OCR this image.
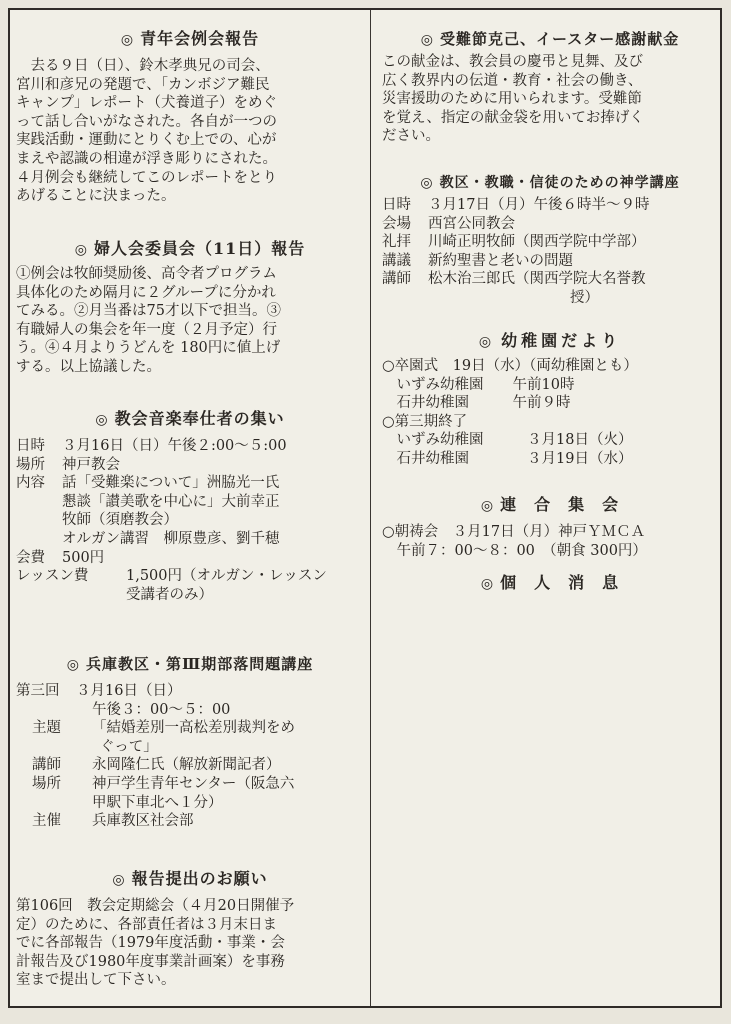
◎ 青年会例会報告

　去る９日（日）、鈴木孝典兄の司会、

宮川和彦兄の発題で、「カンボジア難民

キャンプ」レポート（犬養道子）をめぐ

って話し合いがなされた。各自が一つの

実践活動・運動にとりくむ上での、心が

まえや認識の相違が浮き彫りにされた。

４月例会も継続してこのレポートをとり

あげることに決まった。

◎ 婦人会委員会（11日）報告

①例会は牧師奨励後、高令者プログラム

具体化のため隔月に２グループに分かれ

てみる。②月当番は75才以下で担当。③

有職婦人の集会を年一度（２月予定）行

う。④４月よりうどんを 180円に値上げ

する。以上協議した。

◎ 教会音楽奉仕者の集い
日時	３月16日（日）午後２:00〜５:00
場所	神戸教会
内容	話「受難楽について」洲脇光一氏

懇談「讃美歌を中心に」大前幸正

牧師（須磨教会）

オルガン講習　柳原豊彦、劉千穂

会費	500円
レッスン費	1,500円（オルガン・レッスン

受講者のみ）

◎ 兵庫教区・第Ⅲ期部落問題講座
第三回	３月16日（日）

午後３：00〜５：00

主題	「結婚差別一高松差別裁判をめ

ぐって」

講師	永岡隆仁氏（解放新聞記者）
場所	神戸学生青年センター（阪急六

甲駅下車北へ１分）

主催	兵庫教区社会部
◎ 報告提出のお願い

第106回　教会定期総会（４月20日開催予

定）のために、各部責任者は３月末日ま

でに各部報告（1979年度活動・事業・会

計報告及び1980年度事業計画案）を事務

室まで提出して下さい。

◎ 受難節克己、イースター感謝献金

この献金は、教会員の慶弔と見舞、及び

広く教界内の伝道・教育・社会の働き、

災害援助のために用いられます。受難節

を覚え、指定の献金袋を用いてお捧げく

ださい。

◎ 教区・教職・信徒のための神学講座
日時	３月17日（月）午後６時半〜９時
会場	西宮公同教会
礼拝	川崎正明牧師（関西学院中学部）
講議	新約聖書と老いの問題
講師	松木治三郎氏（関西学院大名誉教

授）

◎ 幼稚園だより

○卒園式　19日（水）（両幼稚園とも）

　いずみ幼稚園　　午前10時

　石井幼稚園　　　午前９時

○第三期終了

　いずみ幼稚園　　　３月18日（火）

　石井幼稚園　　　　３月19日（水）

◎ 連　合　集　会

○朝祷会　３月17日（月）神戸ＹＭＣＡ

　午前７：00〜８：00　（朝食 300円）

◎ 個　人　消　息
